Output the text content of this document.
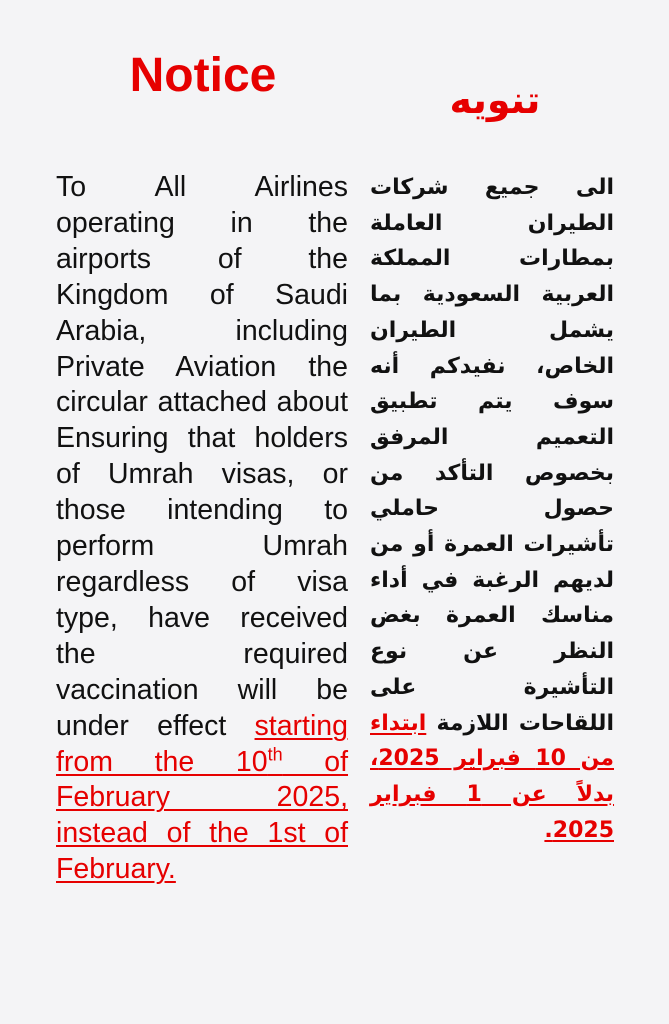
Notice	تنويه

To All Airlines operating in the airports of the Kingdom of Saudi Arabia, including Private Aviation the circular attached about Ensuring that holders of Umrah visas, or those intending to perform Umrah regardless of visa type, have received the required vaccination will be under effect starting from the 10th of February 2025, instead of the 1st of February.

الى جميع شركات الطيران العاملة بمطارات المملكة العربية السعودية بما يشمل الطيران الخاص، نفيدكم أنه سوف يتم تطبيق التعميم المرفق بخصوص التأكد من حصول حاملي تأشيرات العمرة أو من لديهم الرغبة في أداء مناسك العمرة بغض النظر عن نوع التأشيرة على اللقاحات اللازمة ابتداء من 10 فبراير 2025، بدلاً عن 1 فبراير 2025.
